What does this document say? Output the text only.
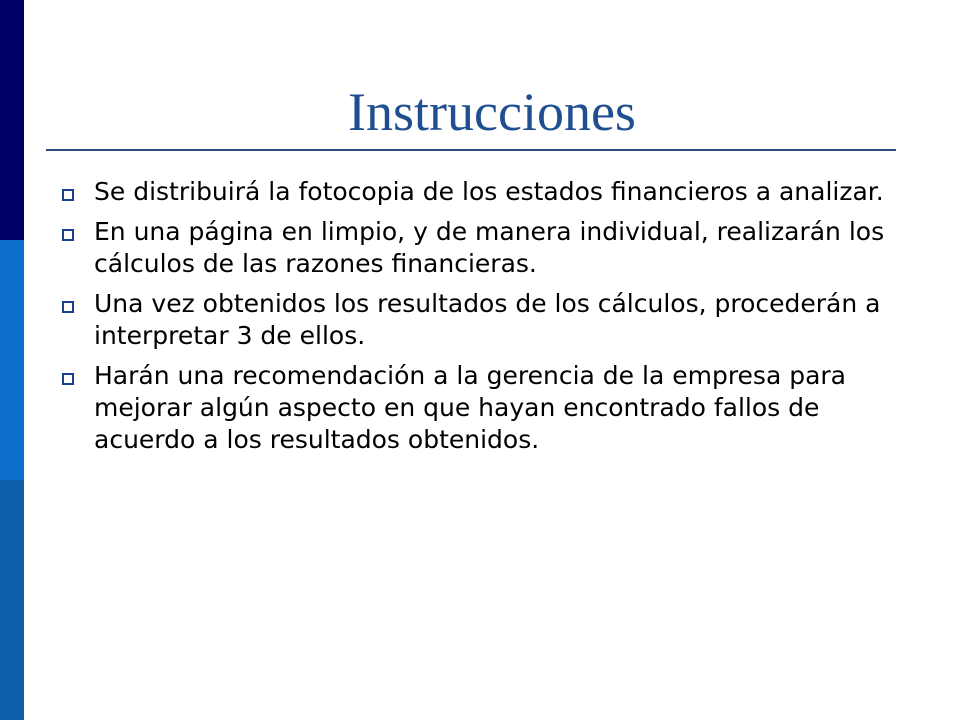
Instrucciones
Se distribuirá la fotocopia de los estados financieros a analizar.
En una página en limpio, y de manera individual, realizarán los cálculos de las razones financieras.
Una vez obtenidos los resultados de los cálculos, procederán a interpretar 3 de ellos.
Harán una recomendación a la gerencia de la empresa para mejorar algún aspecto en que hayan encontrado fallos de acuerdo a los resultados obtenidos.
